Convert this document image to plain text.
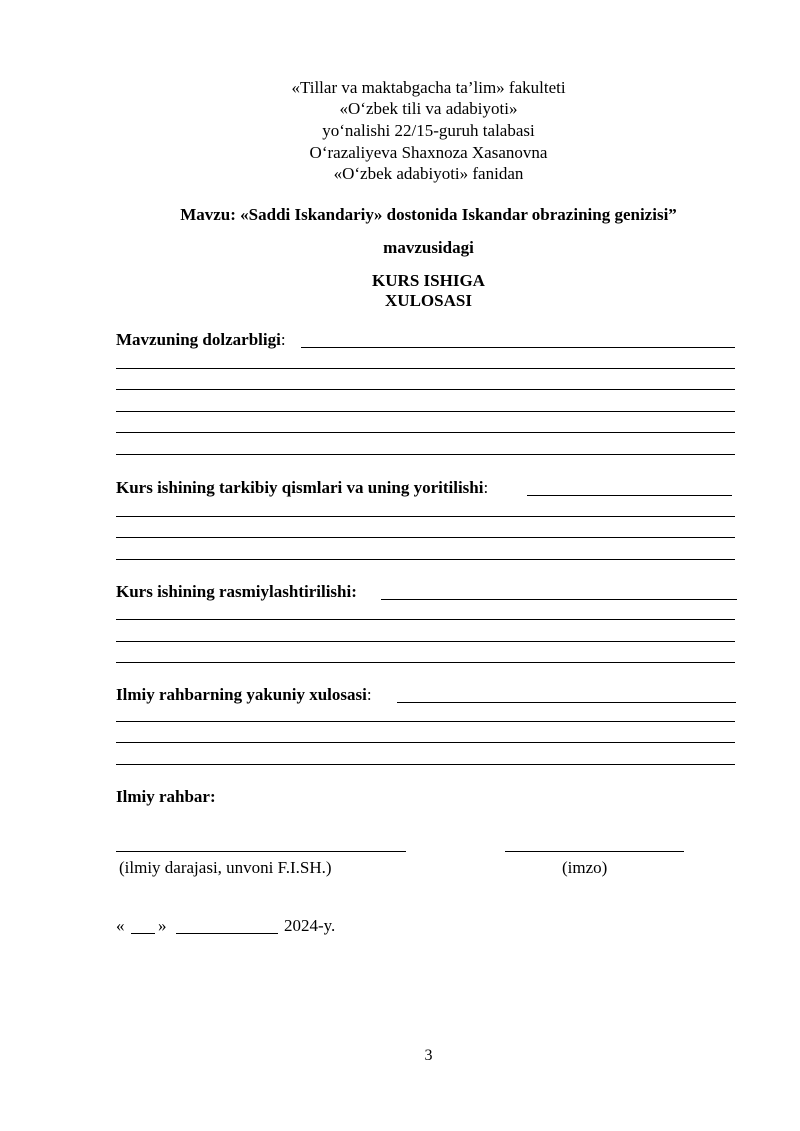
«Tillar va maktabgacha ta’lim» fakulteti
«O‘zbek tili va adabiyoti»
yo‘nalishi 22/15-guruh talabasi
O‘razaliyeva Shaxnoza Xasanovna
«O‘zbek adabiyoti» fanidan
Mavzu: «Saddi Iskandariy» dostonida Iskandar obrazining genizisi”
mavzusidagi
KURS ISHIGA
XULOSASI
Mavzuning dolzarbligi:
Kurs ishining tarkibiy qismlari va uning yoritilishi:
Kurs ishining rasmiylashtirilishi:
Ilmiy rahbarning yakuniy xulosasi:
Ilmiy rahbar:
(ilmiy darajasi, unvoni F.I.SH.)	(imzo)
« »	2024-y.
3
